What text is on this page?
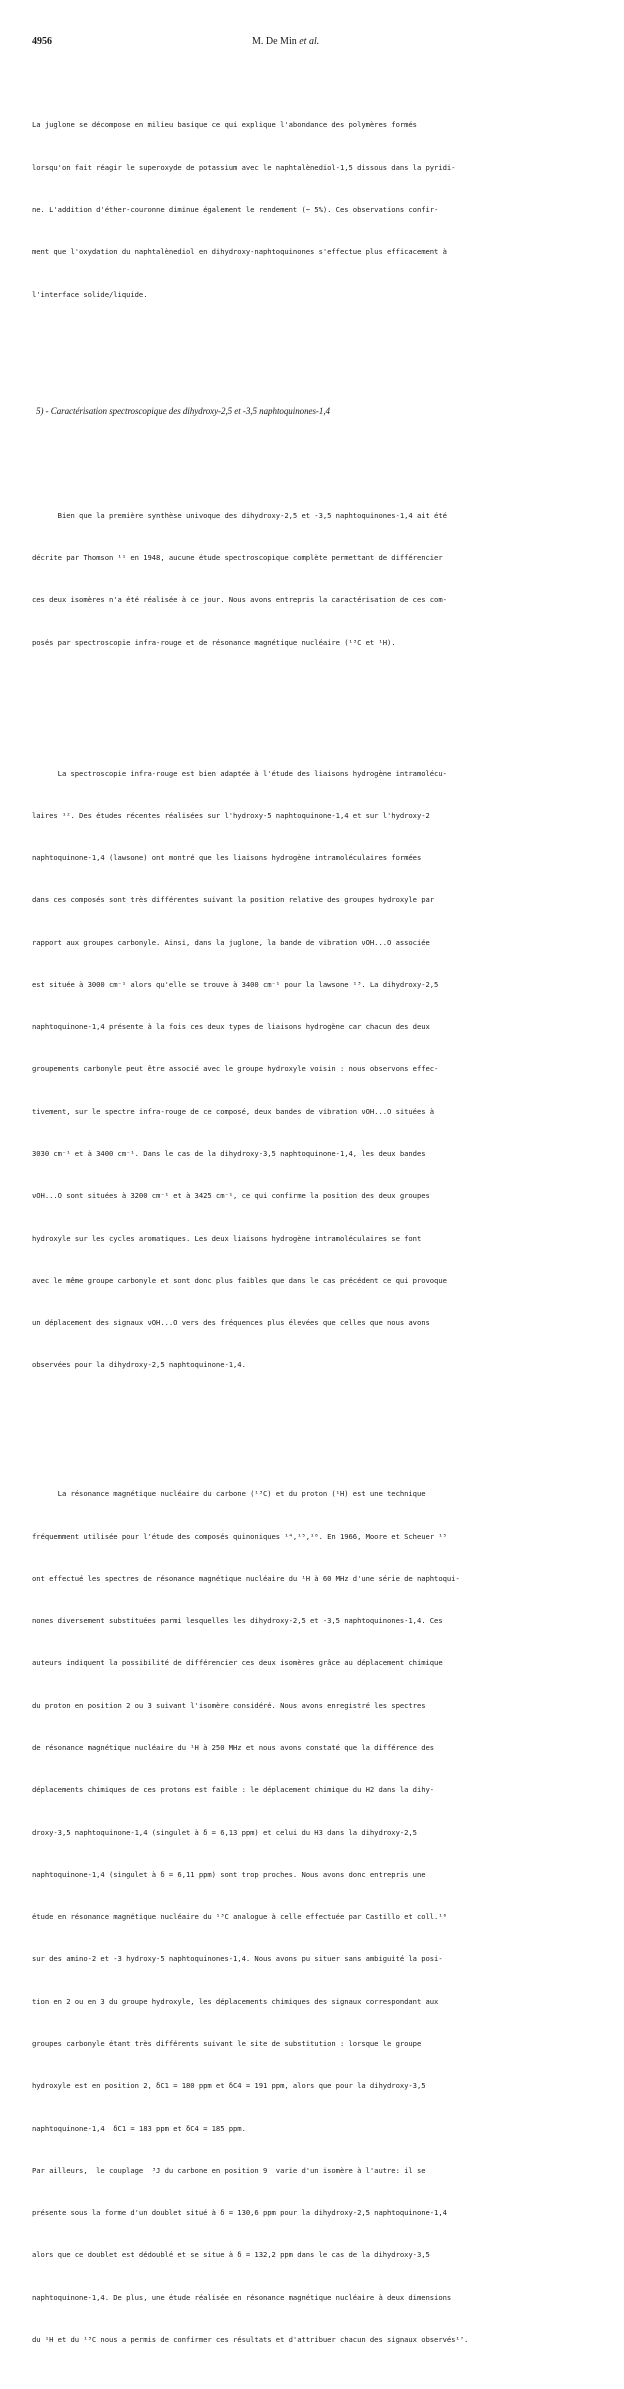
4956	M. De Min et al.

La juglone se décompose en milieu basique ce qui explique l'abondance des polymères formés

lorsqu'on fait réagir le superoxyde de potassium avec le naphtalènediol-1,5 dissous dans la pyridi-

ne. L'addition d'éther-couronne diminue également le rendement (~ 5%). Ces observations confir-

ment que l'oxydation du naphtalènediol en dihydroxy-naphtoquinones s'effectue plus efficacement à

l'interface solide/liquide.

5) - Caractérisation spectroscopique des dihydroxy-2,5 et -3,5 naphtoquinones-1,4

Bien que la première synthèse univoque des dihydroxy-2,5 et -3,5 naphtoquinones-1,4 ait été

décrite par Thomson ¹¹ en 1948, aucune étude spectroscopique complète permettant de différencier

ces deux isomères n'a été réalisée à ce jour. Nous avons entrepris la caractérisation de ces com-

posés par spectroscopie infra-rouge et de résonance magnétique nucléaire (¹³C et ¹H).

La spectroscopie infra-rouge est bien adaptée à l'étude des liaisons hydrogène intramolécu-

laires ¹². Des études récentes réalisées sur l'hydroxy-5 naphtoquinone-1,4 et sur l'hydroxy-2

naphtoquinone-1,4 (lawsone) ont montré que les liaisons hydrogène intramoléculaires formées

dans ces composés sont très différentes suivant la position relative des groupes hydroxyle par

rapport aux groupes carbonyle. Ainsi, dans la juglone, la bande de vibration νOH...O associée

est située à 3000 cm⁻¹ alors qu'elle se trouve à 3400 cm⁻¹ pour la lawsone ¹³. La dihydroxy-2,5

naphtoquinone-1,4 présente à la fois ces deux types de liaisons hydrogène car chacun des deux

groupements carbonyle peut être associé avec le groupe hydroxyle voisin : nous observons effec-

tivement, sur le spectre infra-rouge de ce composé, deux bandes de vibration νOH...O situées à

3030 cm⁻¹ et à 3400 cm⁻¹. Dans le cas de la dihydroxy-3,5 naphtoquinone-1,4, les deux bandes

νOH...O sont situées à 3200 cm⁻¹ et à 3425 cm⁻¹, ce qui confirme la position des deux groupes

hydroxyle sur les cycles aromatiques. Les deux liaisons hydrogène intramoléculaires se font

avec le même groupe carbonyle et sont donc plus faibles que dans le cas précédent ce qui provoque

un déplacement des signaux νOH...O vers des fréquences plus élevées que celles que nous avons

observées pour la dihydroxy-2,5 naphtoquinone-1,4.

La résonance magnétique nucléaire du carbone (¹³C) et du proton (¹H) est une technique

fréquemment utilisée pour l'étude des composés quinoniques ¹⁴,¹⁵,¹⁶. En 1966, Moore et Scheuer ¹⁵

ont effectué les spectres de résonance magnétique nucléaire du ¹H à 60 MHz d'une série de naphtoqui-

nones diversement substituées parmi lesquelles les dihydroxy-2,5 et -3,5 naphtoquinones-1,4. Ces

auteurs indiquent la possibilité de différencier ces deux isomères grâce au déplacement chimique

du proton en position 2 ou 3 suivant l'isomère considéré. Nous avons enregistré les spectres

de résonance magnétique nucléaire du ¹H à 250 MHz et nous avons constaté que la différence des

déplacements chimiques de ces protons est faible : le déplacement chimique du H2 dans la dihy-

droxy-3,5 naphtoquinone-1,4 (singulet à δ = 6,13 ppm) et celui du H3 dans la dihydroxy-2,5

naphtoquinone-1,4 (singulet à δ = 6,11 ppm) sont trop proches. Nous avons donc entrepris une

étude en résonance magnétique nucléaire du ¹³C analogue à celle effectuée par Castillo et coll.¹⁶

sur des amino-2 et -3 hydroxy-5 naphtoquinones-1,4. Nous avons pu situer sans ambiguité la posi-

tion en 2 ou en 3 du groupe hydroxyle, les déplacements chimiques des signaux correspondant aux

groupes carbonyle étant très différents suivant le site de substitution : lorsque le groupe

hydroxyle est en position 2, δC1 = 180 ppm et δC4 = 191 ppm, alors que pour la dihydroxy-3,5

naphtoquinone-1,4  δC1 = 183 ppm et δC4 = 185 ppm.

Par ailleurs,  le couplage  ³J du carbone en position 9  varie d'un isomère à l'autre: il se

présente sous la forme d'un doublet situé à δ = 130,6 ppm pour la dihydroxy-2,5 naphtoquinone-1,4

alors que ce doublet est dédoublé et se situe à δ = 132,2 ppm dans le cas de la dihydroxy-3,5

naphtoquinone-1,4. De plus, une étude réalisée en résonance magnétique nucléaire à deux dimensions

du ¹H et du ¹³C nous a permis de confirmer ces résultats et d'attribuer chacun des signaux observés¹⁷.
